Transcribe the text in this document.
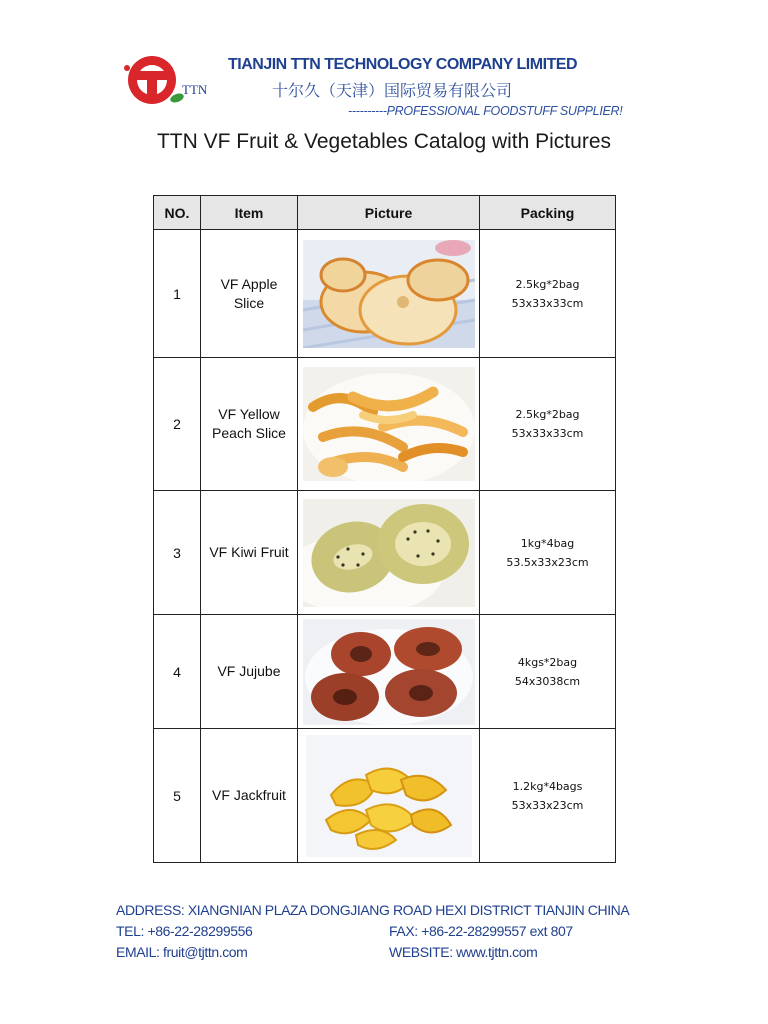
TTN
TIANJIN TTN TECHNOLOGY COMPANY LIMITED
十尔久（天津）国际贸易有限公司
----------PROFESSIONAL FOODSTUFF SUPPLIER!
TTN VF Fruit & Vegetables Catalog with Pictures
NO.	Item	Picture	Packing
1	VF Apple Slice		2.5kg*2bag
53x33x33cm

2	VF Yellow Peach Slice		2.5kg*2bag
53x33x33cm

3	VF Kiwi Fruit		1kg*4bag
53.5x33x23cm

4	VF Jujube		4kgs*2bag
54x3038cm

5	VF Jackfruit		1.2kg*4bags
53x33x23cm
ADDRESS: XIANGNIAN PLAZA DONGJIANG ROAD HEXI DISTRICT TIANJIN CHINA
TEL: +86-22-28299556	FAX: +86-22-28299557 ext 807
EMAIL: fruit@tjttn.com	WEBSITE: www.tjttn.com
